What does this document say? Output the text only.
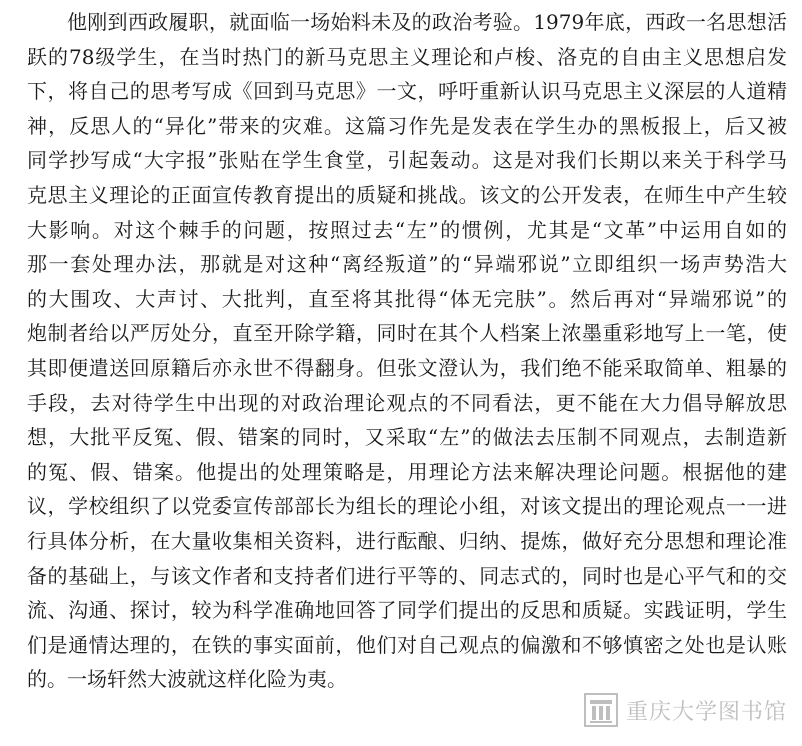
他刚到西政履职，就面临一场始料未及的政治考验。1979年底，西政一名思想活
跃的78级学生，在当时热门的新马克思主义理论和卢梭、洛克的自由主义思想启发
下，将自己的思考写成《回到马克思》一文，呼吁重新认识马克思主义深层的人道精
神，反思人的“异化”带来的灾难。这篇习作先是发表在学生办的黑板报上，后又被
同学抄写成“大字报”张贴在学生食堂，引起轰动。这是对我们长期以来关于科学马
克思主义理论的正面宣传教育提出的质疑和挑战。该文的公开发表，在师生中产生较
大影响。对这个棘手的问题，按照过去“左”的惯例，尤其是“文革”中运用自如的
那一套处理办法，那就是对这种“离经叛道”的“异端邪说”立即组织一场声势浩大
的大围攻、大声讨、大批判，直至将其批得“体无完肤”。然后再对“异端邪说”的
炮制者给以严厉处分，直至开除学籍，同时在其个人档案上浓墨重彩地写上一笔，使
其即便遣送回原籍后亦永世不得翻身。但张文澄认为，我们绝不能采取简单、粗暴的
手段，去对待学生中出现的对政治理论观点的不同看法，更不能在大力倡导解放思
想，大批平反冤、假、错案的同时，又采取“左”的做法去压制不同观点，去制造新
的冤、假、错案。他提出的处理策略是，用理论方法来解决理论问题。根据他的建
议，学校组织了以党委宣传部部长为组长的理论小组，对该文提出的理论观点一一进
行具体分析，在大量收集相关资料，进行酝酿、归纳、提炼，做好充分思想和理论准
备的基础上，与该文作者和支持者们进行平等的、同志式的，同时也是心平气和的交
流、沟通、探讨，较为科学准确地回答了同学们提出的反思和质疑。实践证明，学生
们是通情达理的，在铁的事实面前，他们对自己观点的偏激和不够慎密之处也是认账
的。一场轩然大波就这样化险为夷。
重庆大学图书馆
